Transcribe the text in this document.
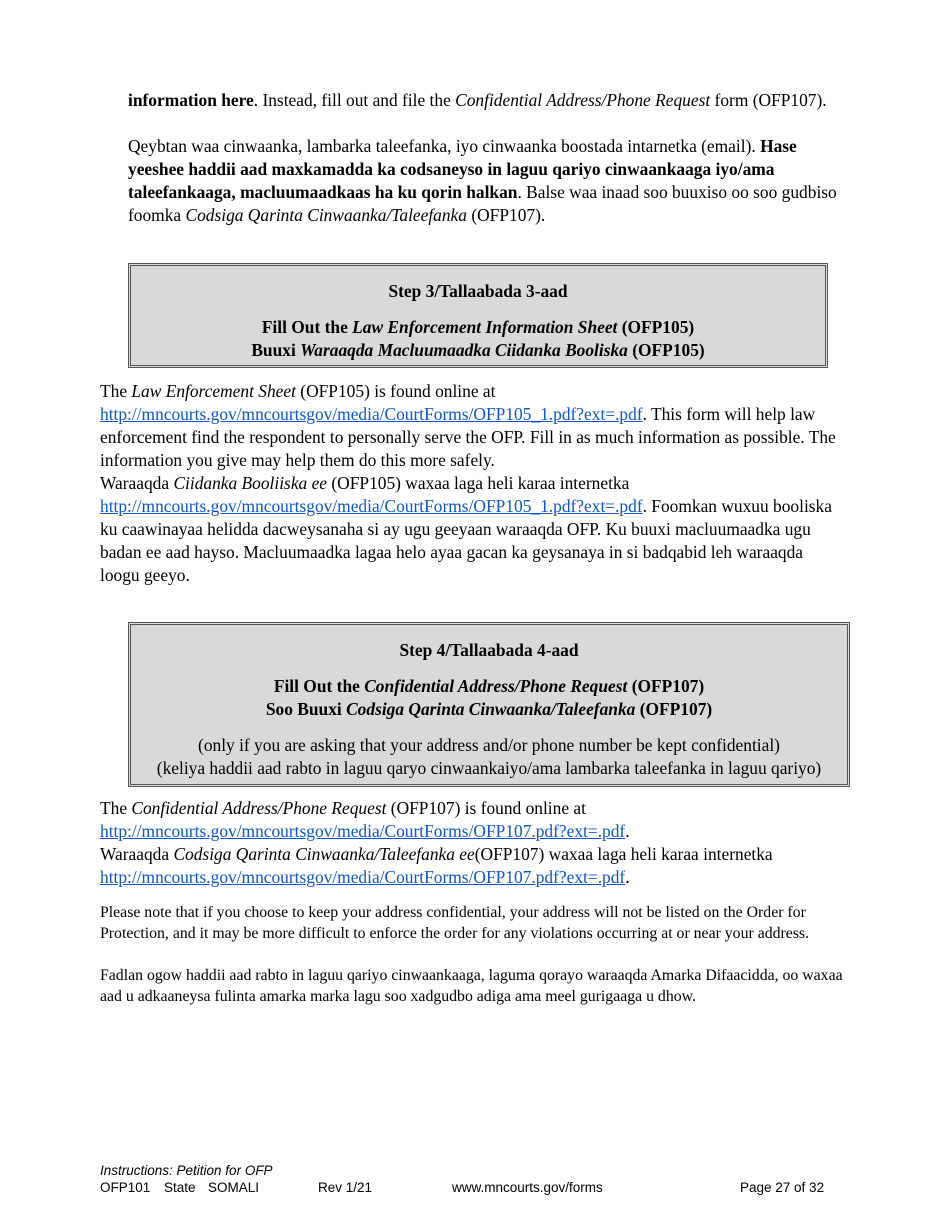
information here. Instead, fill out and file the Confidential Address/Phone Request form (OFP107).

Qeybtan waa cinwaanka, lambarka taleefanka, iyo cinwaanka boostada intarnetka (email). Hase yeeshee haddii aad maxkamadda ka codsaneyso in laguu qariyo cinwaankaaga iyo/ama taleefankaaga, macluumaadkaas ha ku qorin halkan. Balse waa inaad soo buuxiso oo soo gudbiso foomka Codsiga Qarinta Cinwaanka/Taleefanka (OFP107).

Step 3/Tallaabada 3-aad
Fill Out the Law Enforcement Information Sheet (OFP105)
Buuxi Waraaqda Macluumaadka Ciidanka Booliska (OFP105)

The Law Enforcement Sheet (OFP105) is found online at http://mncourts.gov/mncourtsgov/media/CourtForms/OFP105_1.pdf?ext=.pdf. This form will help law enforcement find the respondent to personally serve the OFP. Fill in as much information as possible. The information you give may help them do this more safely.

Waraaqda Ciidanka Booliiska ee (OFP105) waxaa laga heli karaa internetka http://mncourts.gov/mncourtsgov/media/CourtForms/OFP105_1.pdf?ext=.pdf. Foomkan wuxuu booliska ku caawinayaa helidda dacweysanaha si ay ugu geeyaan waraaqda OFP. Ku buuxi macluumaadka ugu badan ee aad hayso. Macluumaadka lagaa helo ayaa gacan ka geysanaya in si badqabid leh waraaqda loogu geeyo.

Step 4/Tallaabada 4-aad
Fill Out the Confidential Address/Phone Request (OFP107)
Soo Buuxi Codsiga Qarinta Cinwaanka/Taleefanka (OFP107)
(only if you are asking that your address and/or phone number be kept confidential)
(keliya haddii aad rabto in laguu qaryo cinwaankaiyo/ama lambarka taleefanka in laguu qariyo)

The Confidential Address/Phone Request (OFP107) is found online at http://mncourts.gov/mncourtsgov/media/CourtForms/OFP107.pdf?ext=.pdf.

Waraaqda Codsiga Qarinta Cinwaanka/Taleefanka ee(OFP107) waxaa laga heli karaa internetka http://mncourts.gov/mncourtsgov/media/CourtForms/OFP107.pdf?ext=.pdf.

Please note that if you choose to keep your address confidential, your address will not be listed on the Order for Protection, and it may be more difficult to enforce the order for any violations occurring at or near your address.

Fadlan ogow haddii aad rabto in laguu qariyo cinwaankaaga, laguma qorayo waraaqda Amarka Difaacidda, oo waxaa aad u adkaaneysa fulinta amarka marka lagu soo xadgudbo adiga ama meel gurigaaga u dhow.

Instructions: Petition for OFP
OFP101 State SOMALI	Rev 1/21	www.mncourts.gov/forms	Page 27 of 32
